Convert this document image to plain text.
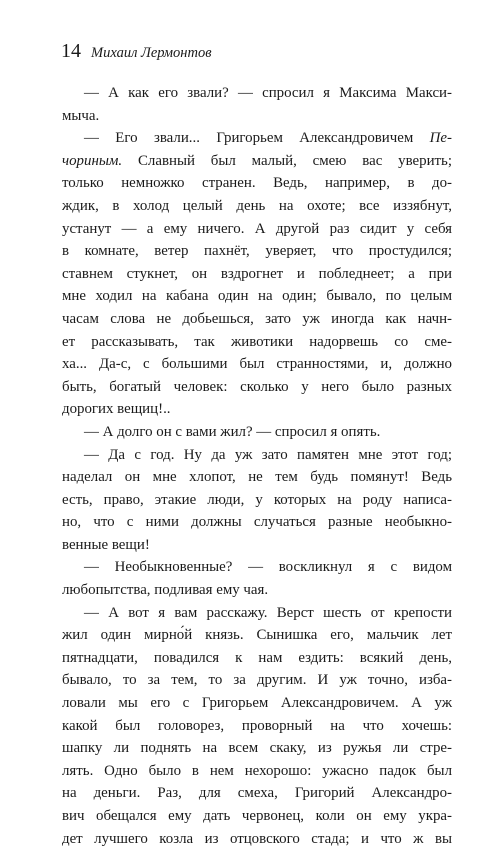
14 Михаил Лермонтов
— А как его звали? — спросил я Максима Макси-
мыча.
— Его звали... Григорьем Александровичем Пе-
чориным. Славный был малый, смею вас уверить;
только немножко странен. Ведь, например, в до-
ждик, в холод целый день на охоте; все иззябнут,
устанут — а ему ничего. А другой раз сидит у себя
в комнате, ветер пахнёт, уверяет, что простудился;
ставнем стукнет, он вздрогнет и побледнеет; а при
мне ходил на кабана один на один; бывало, по целым
часам слова не добьешься, зато уж иногда как начн-
ет рассказывать, так животики надорвешь со сме-
ха... Да-с, с большими был странностями, и, должно
быть, богатый человек: сколько у него было разных
дорогих вещиц!..
— А долго он с вами жил? — спросил я опять.
— Да с год. Ну да уж зато памятен мне этот год;
наделал он мне хлопот, не тем будь помянут! Ведь
есть, право, этакие люди, у которых на роду написа-
но, что с ними должны случаться разные необыкно-
венные вещи!
— Необыкновенные? — воскликнул я с видом
любопытства, подливая ему чая.
— А вот я вам расскажу. Верст шесть от крепости
жил один мирно́й князь. Сынишка его, мальчик лет
пятнадцати, повадился к нам ездить: всякий день,
бывало, то за тем, то за другим. И уж точно, изба-
ловали мы его с Григорьем Александровичем. А уж
какой был головорез, проворный на что хочешь:
шапку ли поднять на всем скаку, из ружья ли стре-
лять. Одно было в нем нехорошо: ужасно падок был
на деньги. Раз, для смеха, Григорий Александро-
вич обещался ему дать червонец, коли он ему укра-
дет лучшего козла из отцовского стада; и что ж вы
